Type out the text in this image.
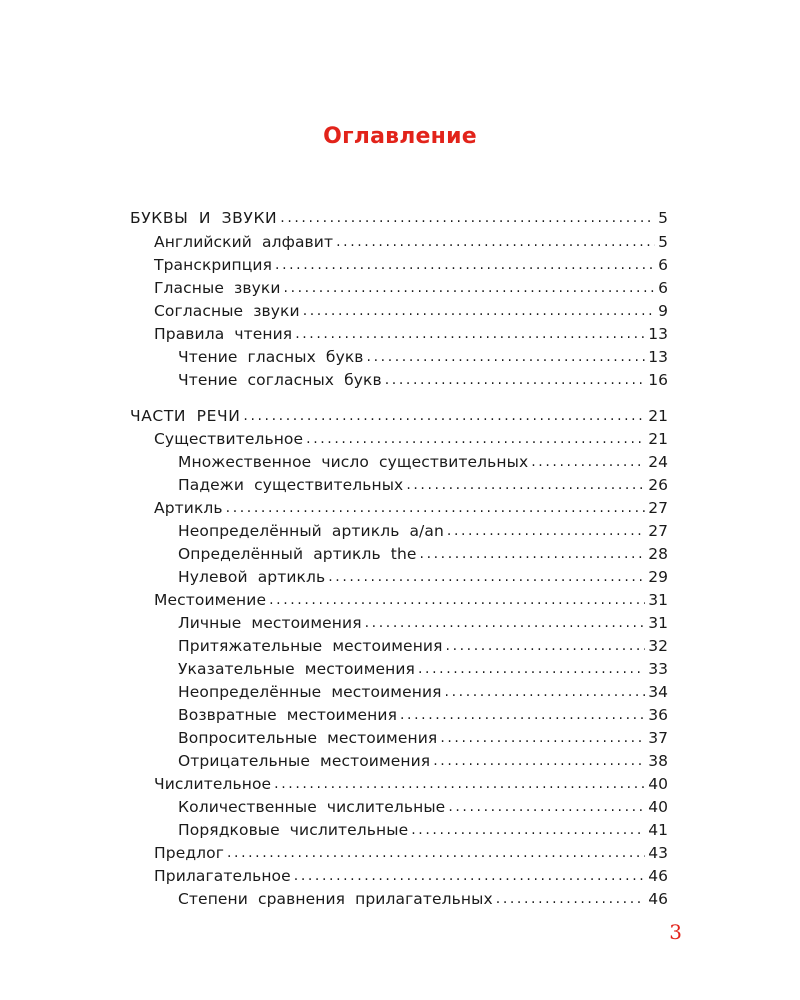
Оглавление
БУКВЫ И ЗВУКИ .....	5
Английский алфавит .....	5
Транскрипция .....	6
Гласные звуки .....	6
Согласные звуки .....	9
Правила чтения .....	13
Чтение гласных букв .....	13
Чтение согласных букв .....	16
ЧАСТИ РЕЧИ .....	21
Существительное .....	21
Множественное число существительных .....	24
Падежи существительных .....	26
Артикль .....	27
Неопределённый артикль a/an .....	27
Определённый артикль the .....	28
Нулевой артикль .....	29
Местоимение .....	31
Личные местоимения .....	31
Притяжательные местоимения .....	32
Указательные местоимения .....	33
Неопределённые местоимения .....	34
Возвратные местоимения .....	36
Вопросительные местоимения .....	37
Отрицательные местоимения .....	38
Числительное .....	40
Количественные числительные .....	40
Порядковые числительные .....	41
Предлог .....	43
Прилагательное .....	46
Степени сравнения прилагательных .....	46
3
